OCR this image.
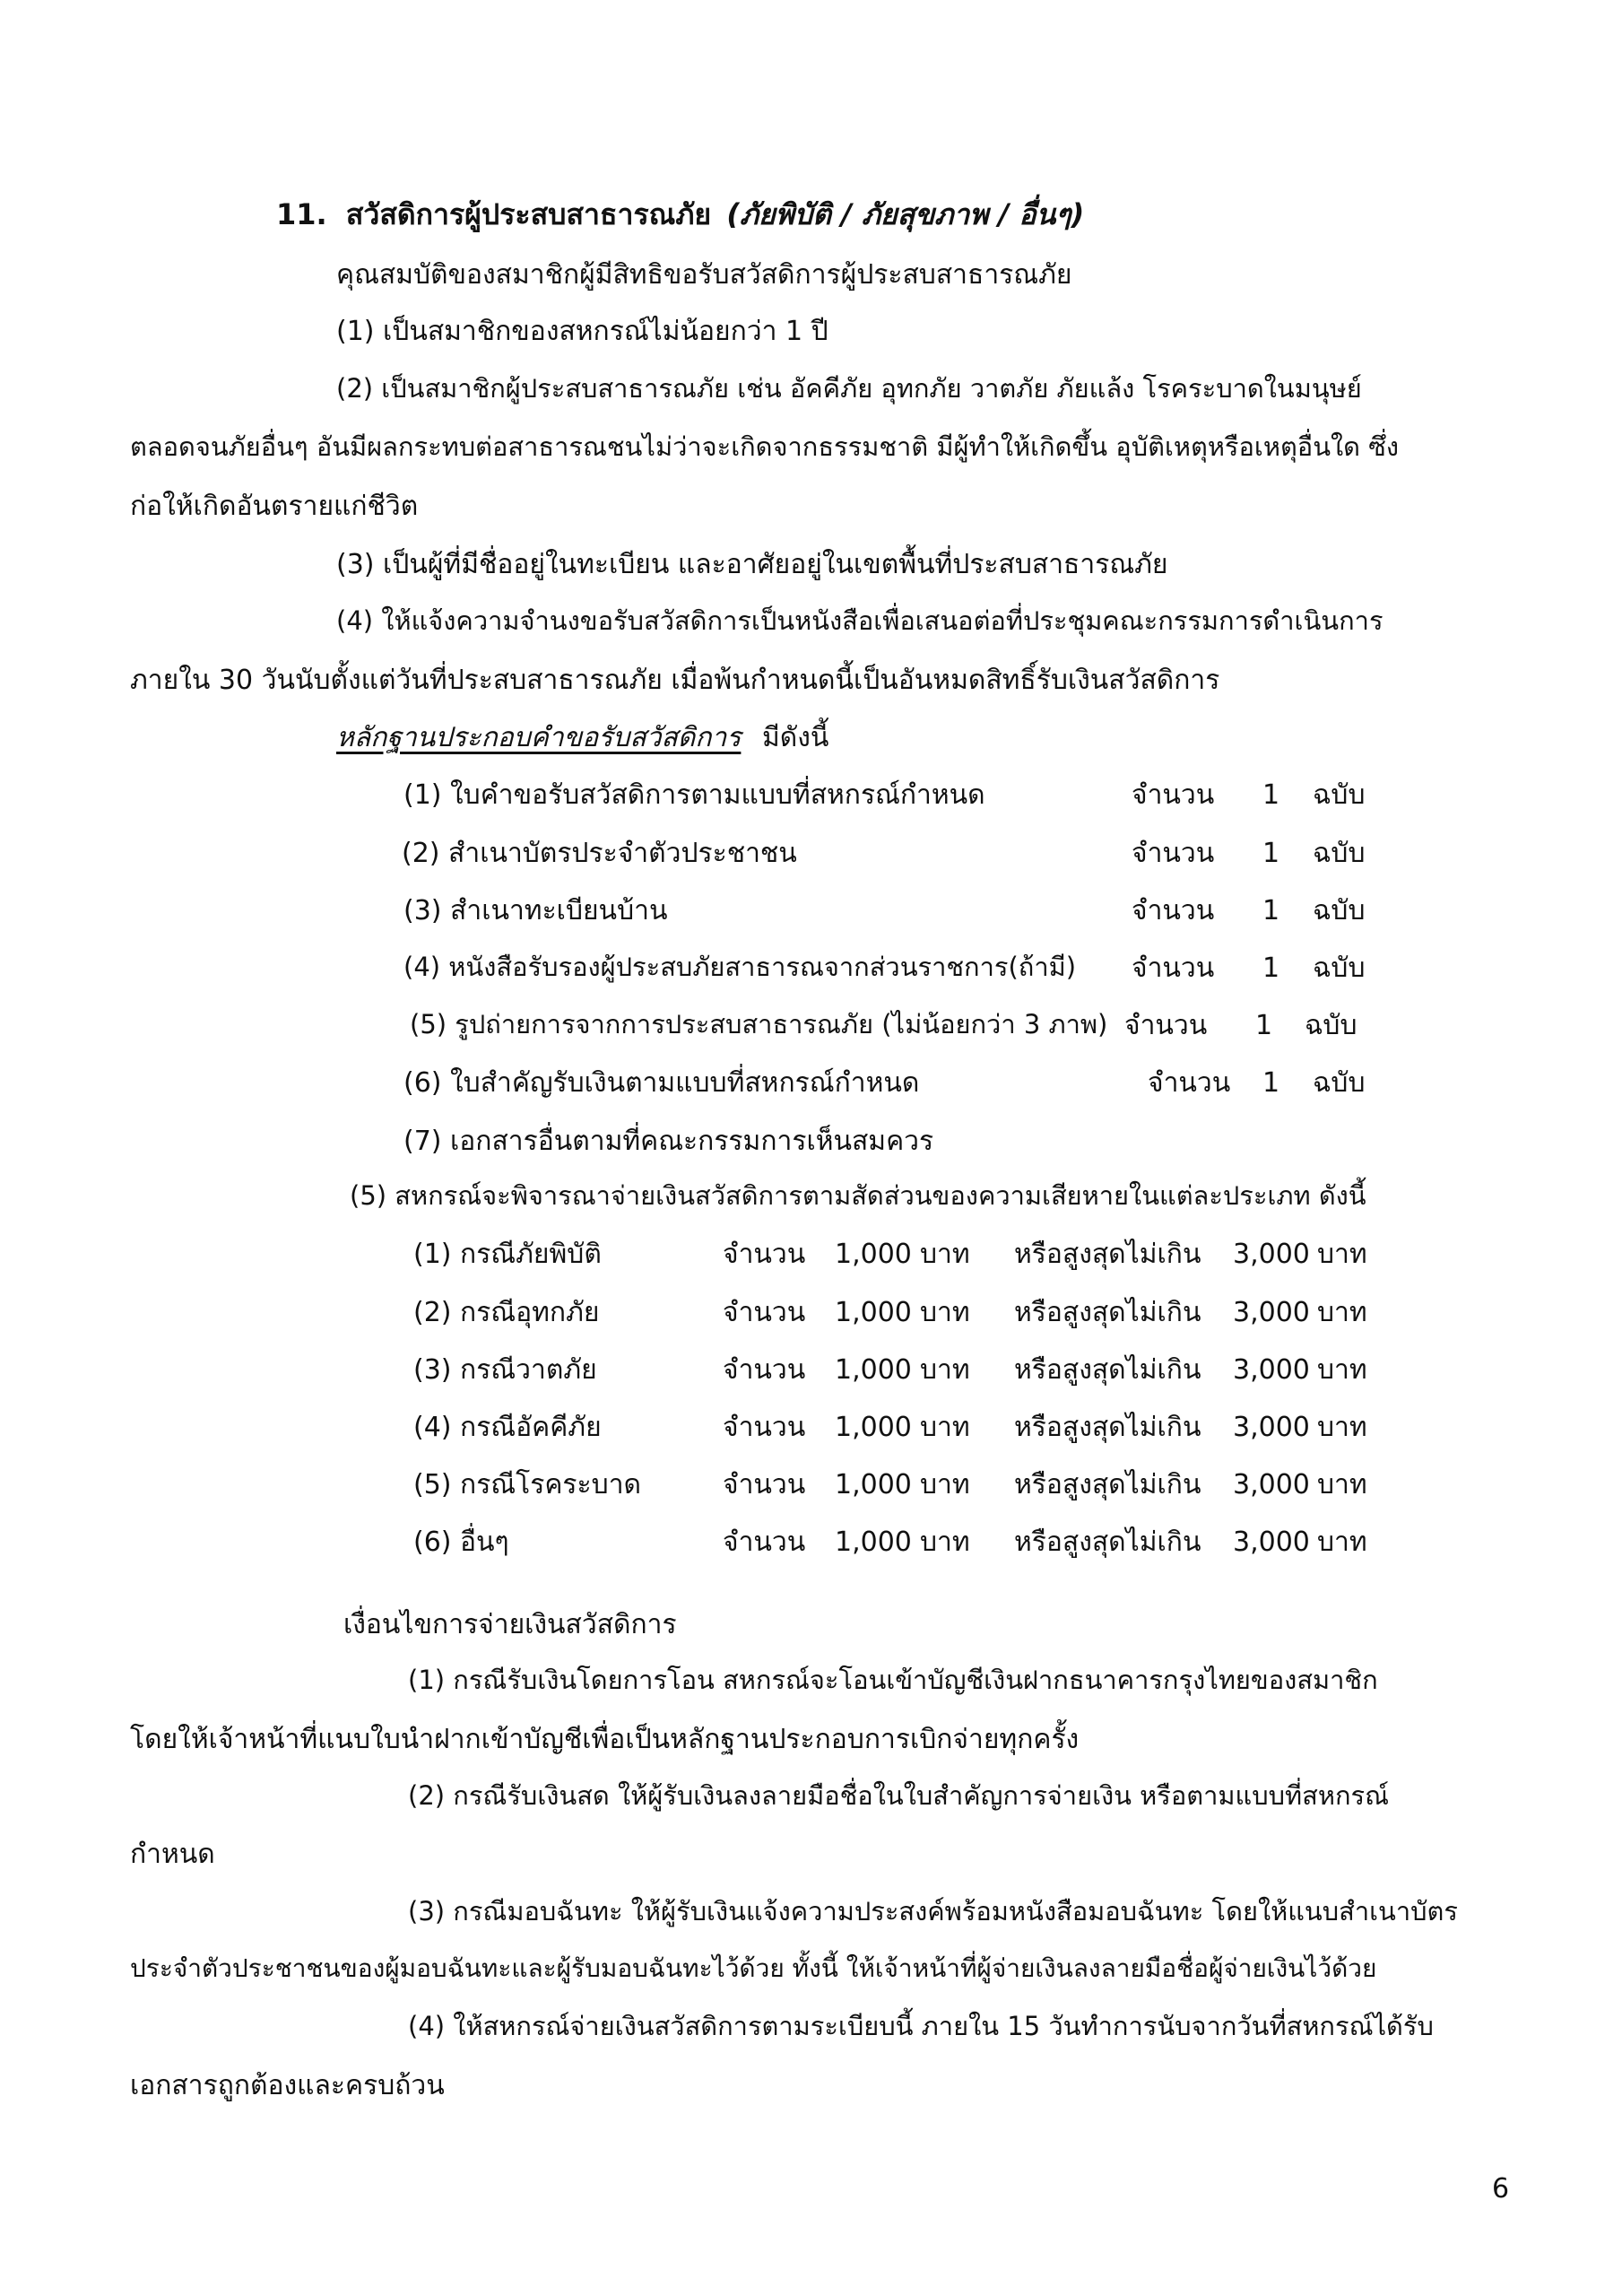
11. สวัสดิการผู้ประสบสาธารณภัย (ภัยพิบัติ / ภัยสุขภาพ / อื่นๆ)
คุณสมบัติของสมาชิกผู้มีสิทธิขอรับสวัสดิการผู้ประสบสาธารณภัย
(1) เป็นสมาชิกของสหกรณ์ไม่น้อยกว่า 1 ปี
(2) เป็นสมาชิกผู้ประสบสาธารณภัย เช่น อัคคีภัย อุทกภัย วาตภัย ภัยแล้ง โรคระบาดในมนุษย์
ตลอดจนภัยอื่นๆ อันมีผลกระทบต่อสาธารณชนไม่ว่าจะเกิดจากธรรมชาติ มีผู้ทำให้เกิดขึ้น อุบัติเหตุหรือเหตุอื่นใด ซึ่ง
ก่อให้เกิดอันตรายแก่ชีวิต
(3) เป็นผู้ที่มีชื่ออยู่ในทะเบียน และอาศัยอยู่ในเขตพื้นที่ประสบสาธารณภัย
(4) ให้แจ้งความจำนงขอรับสวัสดิการเป็นหนังสือเพื่อเสนอต่อที่ประชุมคณะกรรมการดำเนินการ
ภายใน 30 วันนับตั้งแต่วันที่ประสบสาธารณภัย เมื่อพ้นกำหนดนี้เป็นอันหมดสิทธิ์รับเงินสวัสดิการ
หลักฐานประกอบคำขอรับสวัสดิการ มีดังนี้
(1) ใบคำขอรับสวัสดิการตามแบบที่สหกรณ์กำหนด	จำนวน 1 ฉบับ
(2) สำเนาบัตรประจำตัวประชาชน	จำนวน 1 ฉบับ
(3) สำเนาทะเบียนบ้าน	จำนวน 1 ฉบับ
(4) หนังสือรับรองผู้ประสบภัยสาธารณจากส่วนราชการ(ถ้ามี) จำนวน 1 ฉบับ
(5) รูปถ่ายการจากการประสบสาธารณภัย (ไม่น้อยกว่า 3 ภาพ) จำนวน 1 ฉบับ
(6) ใบสำคัญรับเงินตามแบบที่สหกรณ์กำหนด	จำนวน 1 ฉบับ
(7) เอกสารอื่นตามที่คณะกรรมการเห็นสมควร
(5) สหกรณ์จะพิจารณาจ่ายเงินสวัสดิการตามสัดส่วนของความเสียหายในแต่ละประเภท ดังนี้
(1) กรณีภัยพิบัติ	จำนวน 1,000 บาท หรือสูงสุดไม่เกิน 3,000 บาท
(2) กรณีอุทกภัย	จำนวน 1,000 บาท หรือสูงสุดไม่เกิน 3,000 บาท
(3) กรณีวาตภัย	จำนวน 1,000 บาท หรือสูงสุดไม่เกิน 3,000 บาท
(4) กรณีอัคคีภัย	จำนวน 1,000 บาท หรือสูงสุดไม่เกิน 3,000 บาท
(5) กรณีโรคระบาด	จำนวน 1,000 บาท หรือสูงสุดไม่เกิน 3,000 บาท
(6) อื่นๆ	จำนวน 1,000 บาท หรือสูงสุดไม่เกิน 3,000 บาท
เงื่อนไขการจ่ายเงินสวัสดิการ
(1) กรณีรับเงินโดยการโอน สหกรณ์จะโอนเข้าบัญชีเงินฝากธนาคารกรุงไทยของสมาชิก
โดยให้เจ้าหน้าที่แนบใบนำฝากเข้าบัญชีเพื่อเป็นหลักฐานประกอบการเบิกจ่ายทุกครั้ง
(2) กรณีรับเงินสด ให้ผู้รับเงินลงลายมือชื่อในใบสำคัญการจ่ายเงิน หรือตามแบบที่สหกรณ์
กำหนด
(3) กรณีมอบฉันทะ ให้ผู้รับเงินแจ้งความประสงค์พร้อมหนังสือมอบฉันทะ โดยให้แนบสำเนาบัตร
ประจำตัวประชาชนของผู้มอบฉันทะและผู้รับมอบฉันทะไว้ด้วย ทั้งนี้ ให้เจ้าหน้าที่ผู้จ่ายเงินลงลายมือชื่อผู้จ่ายเงินไว้ด้วย
(4) ให้สหกรณ์จ่ายเงินสวัสดิการตามระเบียบนี้ ภายใน 15 วันทำการนับจากวันที่สหกรณ์ได้รับ
เอกสารถูกต้องและครบถ้วน
6
